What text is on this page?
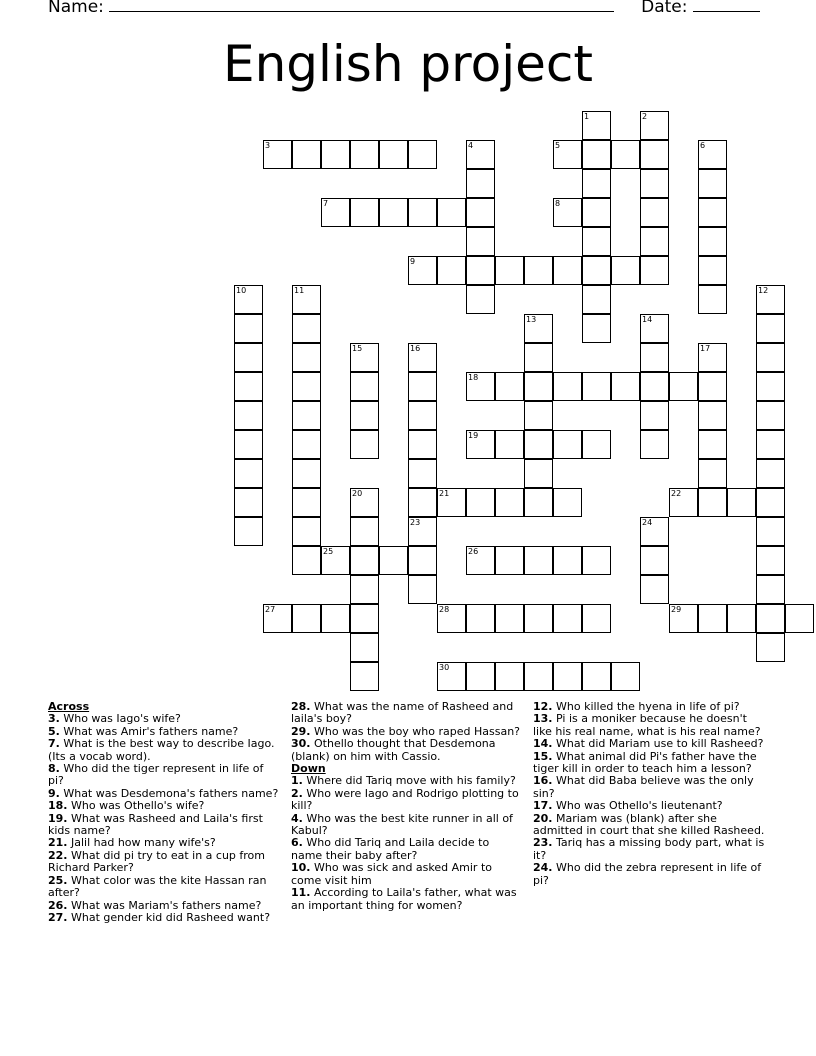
Name:	Date:
English project
1	2
3	4	5	6
7	8
9
10	11	12
13	14
15	16	17
18
19
20	21	22
23	24
25	26
27	28	29
30

Across

3. Who was Iago's wife?

5. What was Amir's fathers name?

7. What is the best way to describe Iago.(Its a vocab word).

8. Who did the tiger represent in life of pi?

9. What was Desdemona's fathers name?

18. Who was Othello's wife?

19. What was Rasheed and Laila's first kids name?

21. Jalil had how many wife's?

22. What did pi try to eat in a cup from Richard Parker?

25. What color was the kite Hassan ran after?

26. What was Mariam's fathers name?

27. What gender kid did Rasheed want?

28. What was the name of Rasheed and laila's boy?

29. Who was the boy who raped Hassan?

30. Othello thought that Desdemona (blank) on him with Cassio.

Down

1. Where did Tariq move with his family?

2. Who were Iago and Rodrigo plotting to kill?

4. Who was the best kite runner in all of Kabul?

6. Who did Tariq and Laila decide to name their baby after?

10. Who was sick and asked Amir to come visit him

11. According to Laila's father, what was an important thing for women?

12. Who killed the hyena in life of pi?

13. Pi is a moniker because he doesn't like his real name, what is his real name?

14. What did Mariam use to kill Rasheed?

15. What animal did Pi's father have the tiger kill in order to teach him a lesson?

16. What did Baba believe was the only sin?

17. Who was Othello's lieutenant?

20. Mariam was (blank) after she admitted in court that she killed Rasheed.

23. Tariq has a missing body part, what is it?

24. Who did the zebra represent in life of pi?
